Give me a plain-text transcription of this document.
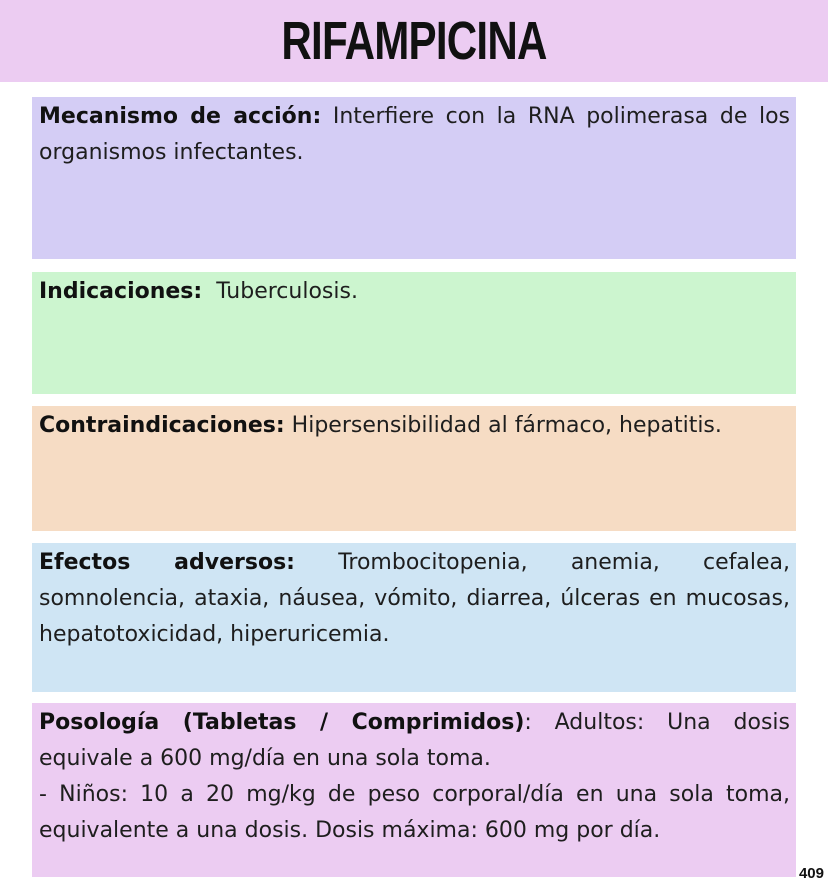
RIFAMPICINA
Mecanismo de acción: Interfiere con la RNA polimerasa de los organismos infectantes.
Indicaciones:  Tuberculosis.
Contraindicaciones: Hipersensibilidad al fármaco, hepatitis.
Efectos adversos: Trombocitopenia, anemia, cefalea, somnolencia, ataxia, náusea, vómito, diarrea, úlceras en mucosas, hepatotoxicidad, hiperuricemia.
Posología (Tabletas / Comprimidos): Adultos: Una dosis equivale a 600 mg/día en una sola toma.
- Niños: 10 a 20 mg/kg de peso corporal/día en una sola toma, equivalente a una dosis. Dosis máxima: 600 mg por día.
409
